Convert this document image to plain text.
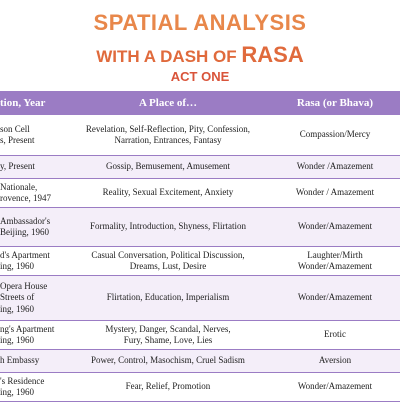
SPATIAL ANALYSIS
WITH A DASH OF RASA
ACT ONE
tion, Year	A Place of…	Rasa (or Bhava)

son Cell
s, Present	Revelation, Self-Reflection, Pity, Confession,
Narration, Entrances, Fantasy	Compassion/Mercy

y, Present	Gossip, Bemusement, Amusement	Wonder /Amazement

Nationale,
rovence, 1947	Reality, Sexual Excitement, Anxiety	Wonder / Amazement

Ambassador's
Beijing, 1960	Formality, Introduction, Shyness, Flirtation	Wonder/Amazement

d's Apartment
ing, 1960	Casual Conversation, Political Discussion,
Dreams, Lust, Desire	Laughter/Mirth
Wonder/Amazement

Opera House
Streets of
ing, 1960	Flirtation, Education, Imperialism	Wonder/Amazement

ng's Apartment
ing, 1960	Mystery, Danger, Scandal, Nerves,
Fury, Shame, Love, Lies	Erotic

h Embassy	Power, Control, Masochism, Cruel Sadism	Aversion

's Residence
ing, 1960	Fear, Relief, Promotion	Wonder/Amazement
